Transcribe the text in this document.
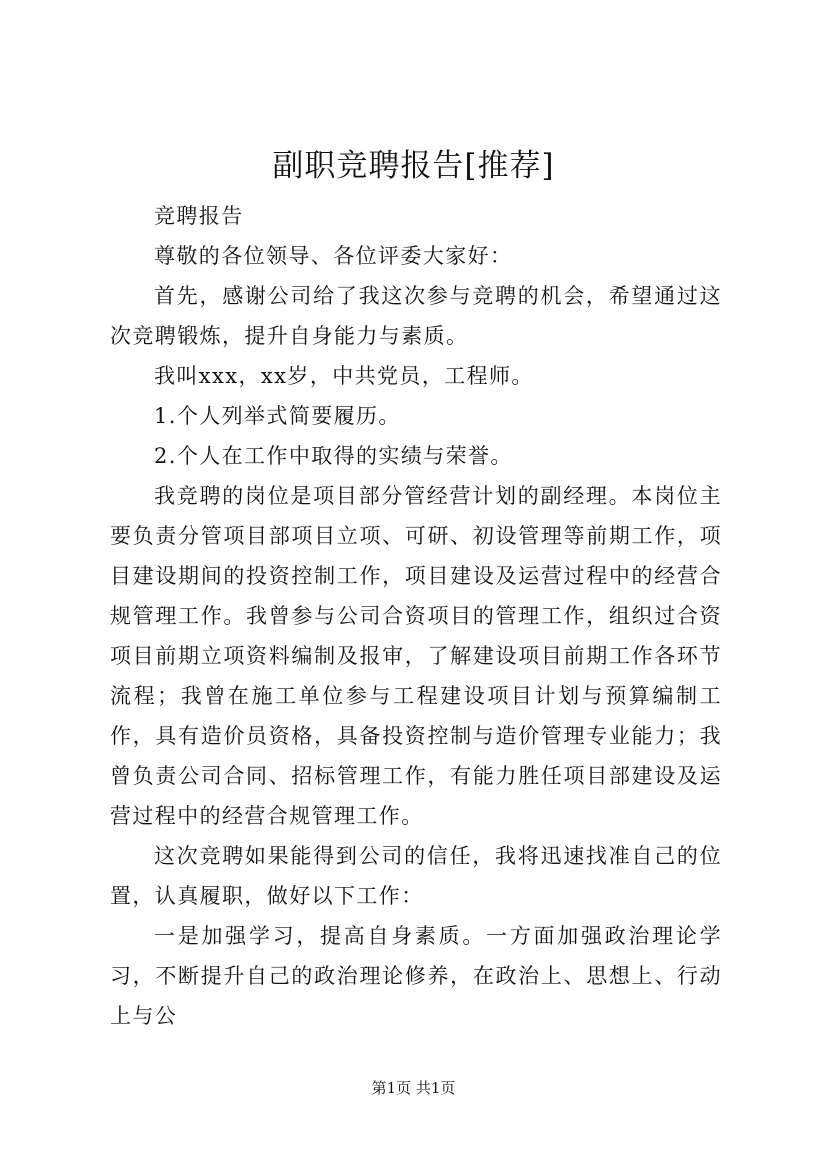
副职竞聘报告[推荐]

竞聘报告

尊敬的各位领导、各位评委大家好：

首先，感谢公司给了我这次参与竞聘的机会，希望通过这次竞聘锻炼，提升自身能力与素质。

我叫xxx，xx岁，中共党员，工程师。

1.个人列举式简要履历。

2.个人在工作中取得的实绩与荣誉。

我竞聘的岗位是项目部分管经营计划的副经理。本岗位主要负责分管项目部项目立项、可研、初设管理等前期工作，项目建设期间的投资控制工作，项目建设及运营过程中的经营合规管理工作。我曾参与公司合资项目的管理工作，组织过合资项目前期立项资料编制及报审，了解建设项目前期工作各环节流程；我曾在施工单位参与工程建设项目计划与预算编制工作，具有造价员资格，具备投资控制与造价管理专业能力；我曾负责公司合同、招标管理工作，有能力胜任项目部建设及运营过程中的经营合规管理工作。

这次竞聘如果能得到公司的信任，我将迅速找准自己的位置，认真履职，做好以下工作：

一是加强学习，提高自身素质。一方面加强政治理论学习，不断提升自己的政治理论修养，在政治上、思想上、行动上与公

第1页 共1页
